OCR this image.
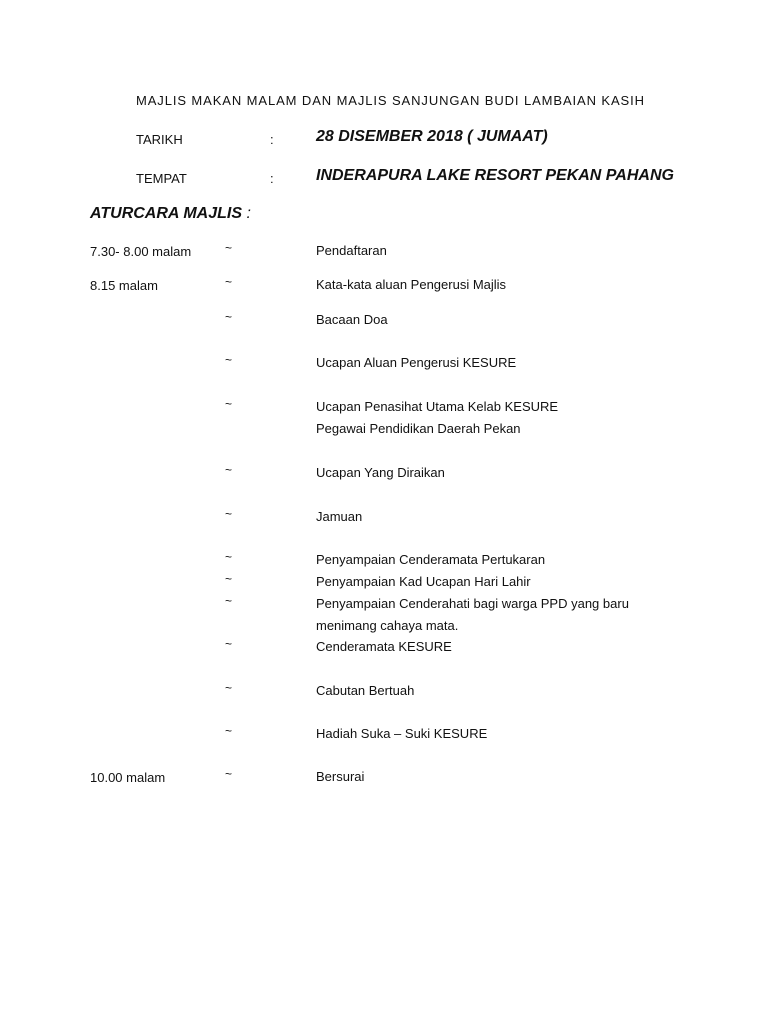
MAJLIS MAKAN MALAM DAN MAJLIS SANJUNGAN BUDI LAMBAIAN KASIH
TARIKH	:	28 DISEMBER 2018 ( JUMAAT)
TEMPAT	:	INDERAPURA LAKE RESORT PEKAN PAHANG
ATURCARA MAJLIS :
7.30- 8.00 malam	~	Pendaftaran
8.15 malam	~	Kata-kata aluan Pengerusi Majlis
~	Bacaan Doa
~	Ucapan Aluan Pengerusi KESURE
~	Ucapan Penasihat Utama Kelab KESURE
Pegawai Pendidikan Daerah Pekan
~	Ucapan Yang Diraikan
~	Jamuan
~	Penyampaian Cenderamata Pertukaran
~	Penyampaian Kad Ucapan Hari Lahir
~	Penyampaian Cenderahati bagi warga PPD yang baru
menimang cahaya mata.
~	Cenderamata KESURE
~	Cabutan Bertuah
~	Hadiah Suka – Suki KESURE
10.00 malam	~	Bersurai
